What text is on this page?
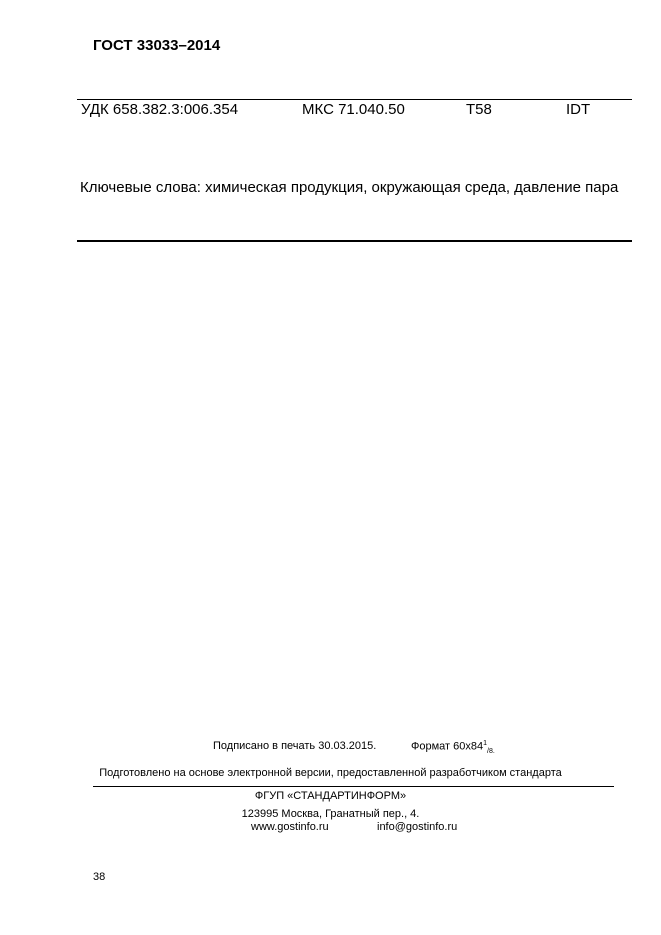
ГОСТ 33033–2014
УДК 658.382.3:006.354	МКС 71.040.50	Т58	IDT
Ключевые слова: химическая продукция, окружающая среда, давление пара
Подписано в печать 30.03.2015.	Формат $60х84^1_{/8.}$
Подготовлено на основе электронной версии, предоставленной разработчиком стандарта
ФГУП «СТАНДАРТИНФОРМ»
123995 Москва, Гранатный пер., 4.
www.gostinfo.ru	info@gostinfo.ru
38
